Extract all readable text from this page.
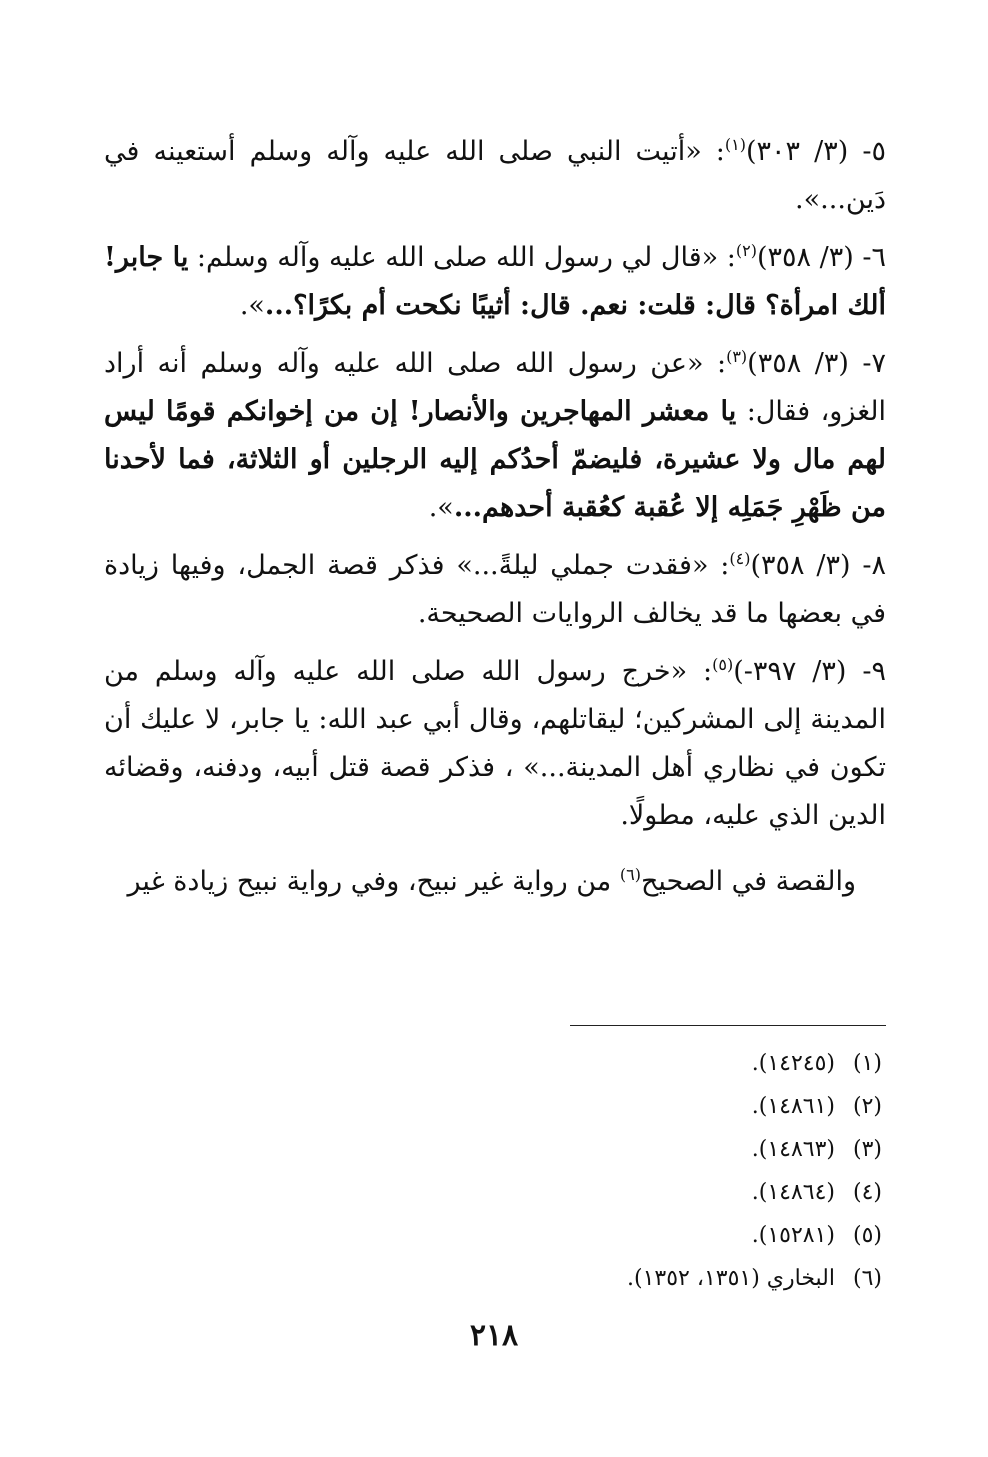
٥- (٣/ ٣٠٣)$^{(١)}$: «أتيت النبي صلى الله عليه وآله وسلم أستعينه في دَين...».

٦- (٣/ ٣٥٨)$^{(٢)}$: «قال لي رسول الله صلى الله عليه وآله وسلم: يا جابر! ألك امرأة؟ قال: قلت: نعم. قال: أثيبًا نكحت أم بكرًا؟...».

٧- (٣/ ٣٥٨)$^{(٣)}$: «عن رسول الله صلى الله عليه وآله وسلم أنه أراد الغزو، فقال: يا معشر المهاجرين والأنصار! إن من إخوانكم قومًا ليس لهم مال ولا عشيرة، فليضمّ أحدُكم إليه الرجلين أو الثلاثة، فما لأحدنا من ظَهْرِ جَمَلِه إلا عُقبة كعُقبة أحدهم...».

٨- (٣/ ٣٥٨)$^{(٤)}$: «فقدت جملي ليلةً...» فذكر قصة الجمل، وفيها زيادة في بعضها ما قد يخالف الروايات الصحيحة.

٩- (٣/ ٣٩٧-)$^{(٥)}$: «خرج رسول الله صلى الله عليه وآله وسلم من المدينة إلى المشركين؛ ليقاتلهم، وقال أبي عبد الله: يا جابر، لا عليك أن تكون في نظاري أهل المدينة...» ، فذكر قصة قتل أبيه، ودفنه، وقضائه الدين الذي عليه، مطولًا.

والقصة في الصحيح$^{(٦)}$ من رواية غير نبيح، وفي رواية نبيح زيادة غير

(١) (١٤٢٤٥).
(٢) (١٤٨٦١).
(٣) (١٤٨٦٣).
(٤) (١٤٨٦٤).
(٥) (١٥٢٨١).
(٦) البخاري (١٣٥١، ١٣٥٢).
٢١٨
